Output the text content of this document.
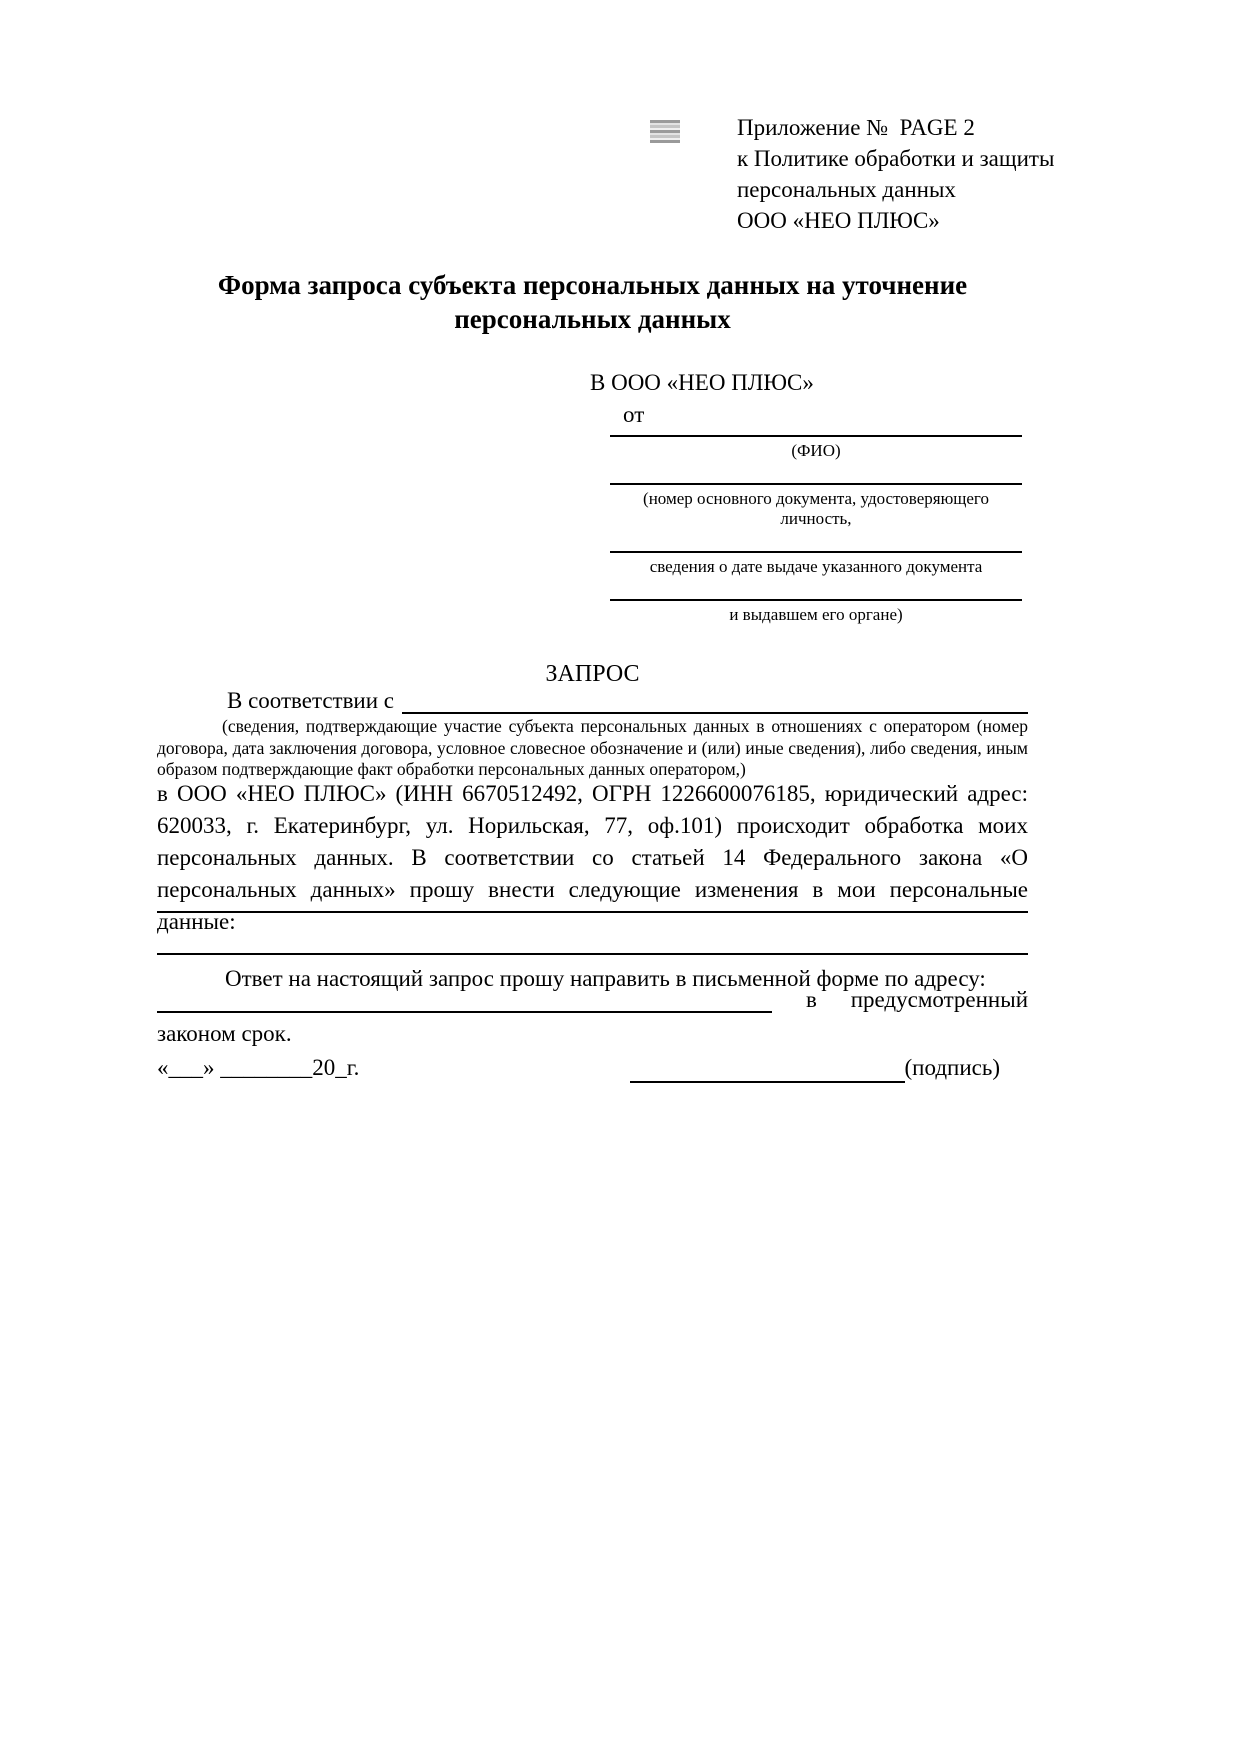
Приложение №  PAGE 2
к Политике обработки и защиты
персональных данных
ООО «НЕО ПЛЮС»
Форма запроса субъекта персональных данных на уточнение персональных данных
В ООО «НЕО ПЛЮС»
от
(ФИО)
(номер основного документа, удостоверяющего личность,
сведения о дате выдаче указанного документа
и выдавшем его органе)
ЗАПРОС
В соответствии с
(сведения, подтверждающие участие субъекта персональных данных в отношениях с оператором (номер договора, дата заключения договора, условное словесное обозначение и (или) иные сведения), либо сведения, иным образом подтверждающие факт обработки персональных данных оператором,)
в ООО «НЕО ПЛЮС» (ИНН 6670512492, ОГРН 1226600076185, юридический адрес: 620033, г. Екатеринбург, ул. Норильская, 77, оф.101) происходит обработка моих персональных данных. В соответствии со статьей 14 Федерального закона «О персональных данных» прошу внести следующие изменения в мои персональные данные:
Ответ на настоящий запрос прошу направить в письменной форме по адресу:
в предусмотренный
законом срок.
«___» ________20_г.	(подпись)
